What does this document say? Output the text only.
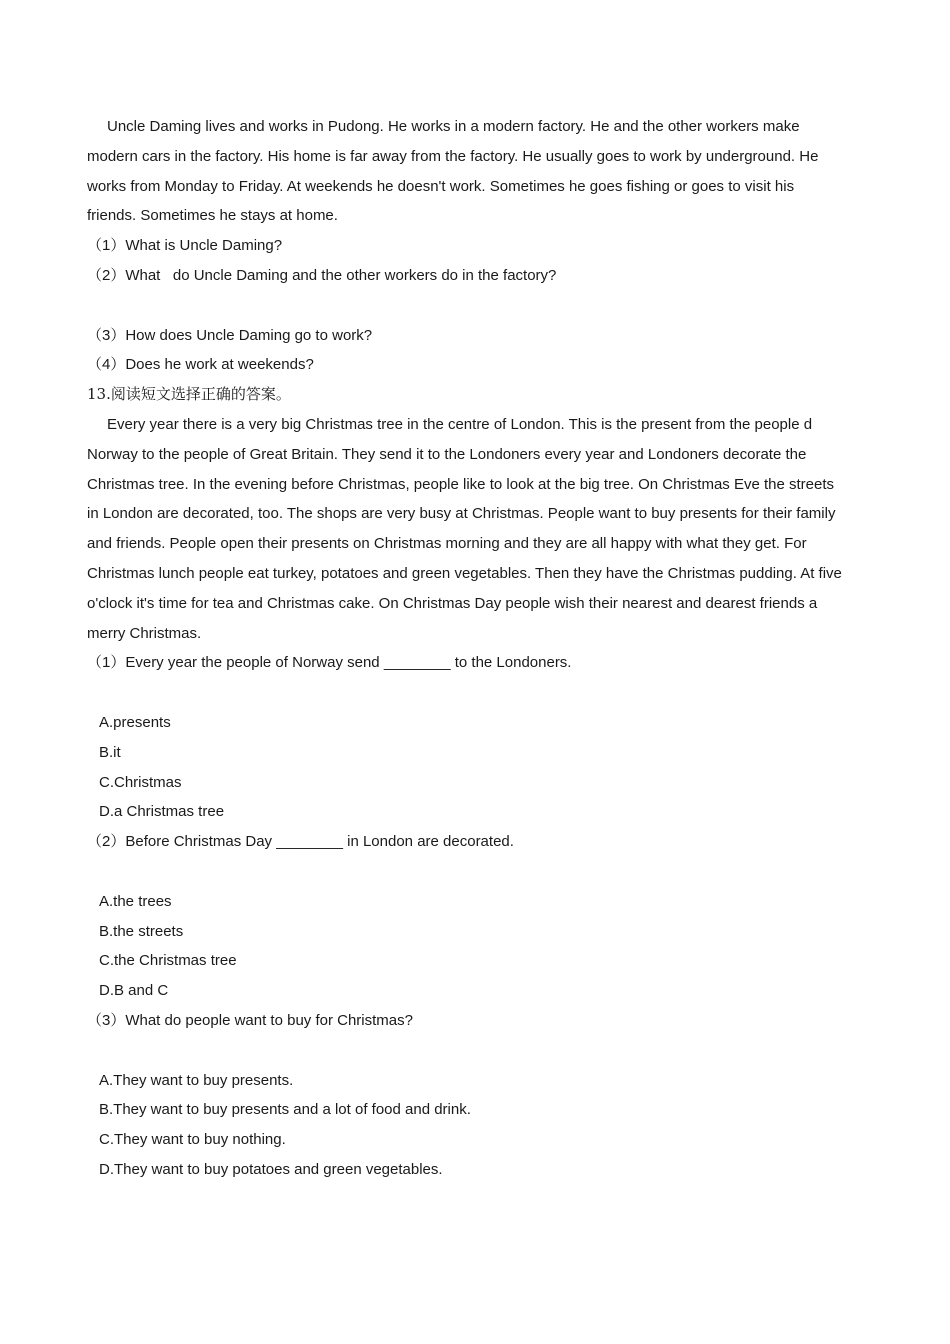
Uncle Daming lives and works in Pudong. He works in a modern factory. He and the other workers make
modern cars in the factory. His home is far away from the factory. He usually goes to work by underground. He
works from Monday to Friday. At weekends he doesn't work. Sometimes he goes fishing or goes to visit his
friends. Sometimes he stays at home.
（1）What is Uncle Daming?
（2）What   do Uncle Daming and the other workers do in the factory?
（3）How does Uncle Daming go to work?
（4）Does he work at weekends?
13.阅读短文选择正确的答案。
Every year there is a very big Christmas tree in the centre of London. This is the present from the people d
Norway to the people of Great Britain. They send it to the Londoners every year and Londoners decorate the
Christmas tree. In the evening before Christmas, people like to look at the big tree. On Christmas Eve the streets
in London are decorated, too. The shops are very busy at Christmas. People want to buy presents for their family
and friends. People open their presents on Christmas morning and they are all happy with what they get. For
Christmas lunch people eat turkey, potatoes and green vegetables. Then they have the Christmas pudding. At five
o'clock it's time for tea and Christmas cake. On Christmas Day people wish their nearest and dearest friends a
merry Christmas.
（1）Every year the people of Norway send ________ to the Londoners.
A.presents
B.it
C.Christmas
D.a Christmas tree
（2）Before Christmas Day ________ in London are decorated.
A.the trees
B.the streets
C.the Christmas tree
D.B and C
（3）What do people want to buy for Christmas?
A.They want to buy presents.
B.They want to buy presents and a lot of food and drink.
C.They want to buy nothing.
D.They want to buy potatoes and green vegetables.
